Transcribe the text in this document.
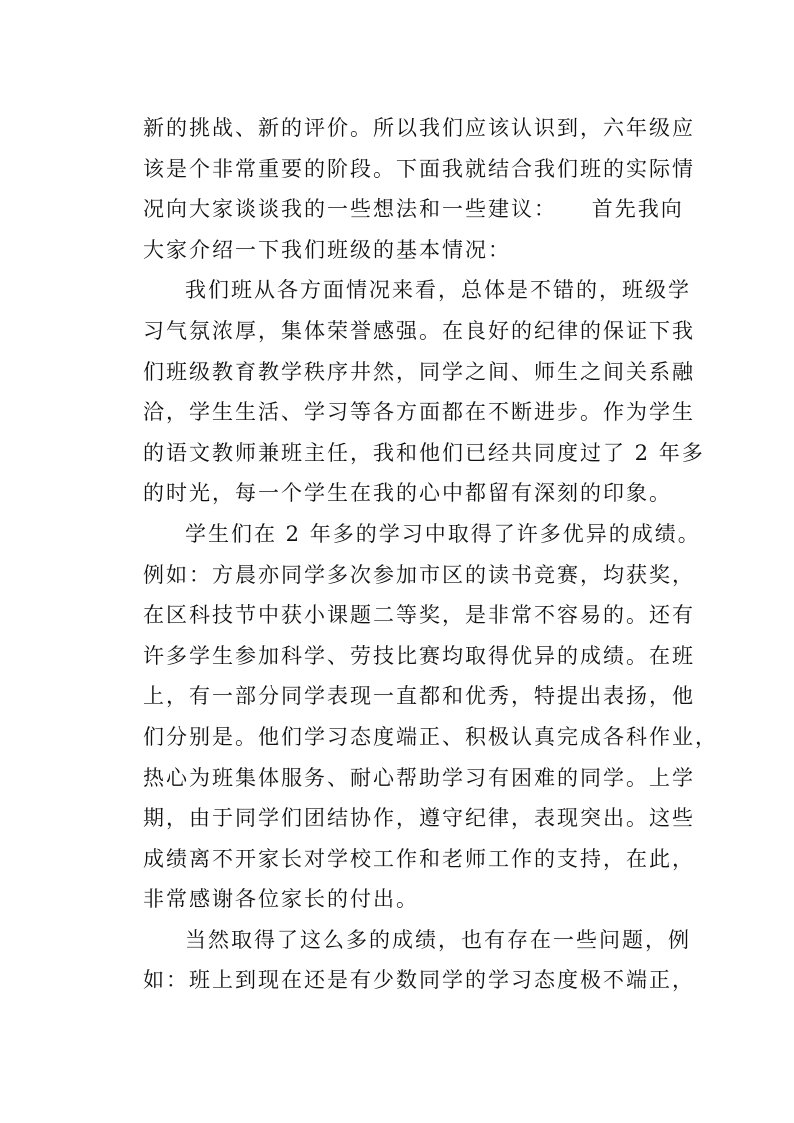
新的挑战、新的评价。所以我们应该认识到，六年级应
该是个非常重要的阶段。下面我就结合我们班的实际情
况向大家谈谈我的一些想法和一些建议：    首先我向
大家介绍一下我们班级的基本情况：
我们班从各方面情况来看，总体是不错的，班级学
习气氛浓厚，集体荣誉感强。在良好的纪律的保证下我
们班级教育教学秩序井然，同学之间、师生之间关系融
洽，学生生活、学习等各方面都在不断进步。作为学生
的语文教师兼班主任，我和他们已经共同度过了 2 年多
的时光，每一个学生在我的心中都留有深刻的印象。
学生们在 2 年多的学习中取得了许多优异的成绩。
例如：方晨亦同学多次参加市区的读书竞赛，均获奖，
在区科技节中获小课题二等奖，是非常不容易的。还有
许多学生参加科学、劳技比赛均取得优异的成绩。在班
上，有一部分同学表现一直都和优秀，特提出表扬，他
们分别是。他们学习态度端正、积极认真完成各科作业，
热心为班集体服务、耐心帮助学习有困难的同学。上学
期，由于同学们团结协作，遵守纪律，表现突出。这些
成绩离不开家长对学校工作和老师工作的支持，在此，
非常感谢各位家长的付出。
当然取得了这么多的成绩，也有存在一些问题，例
如：班上到现在还是有少数同学的学习态度极不端正，
